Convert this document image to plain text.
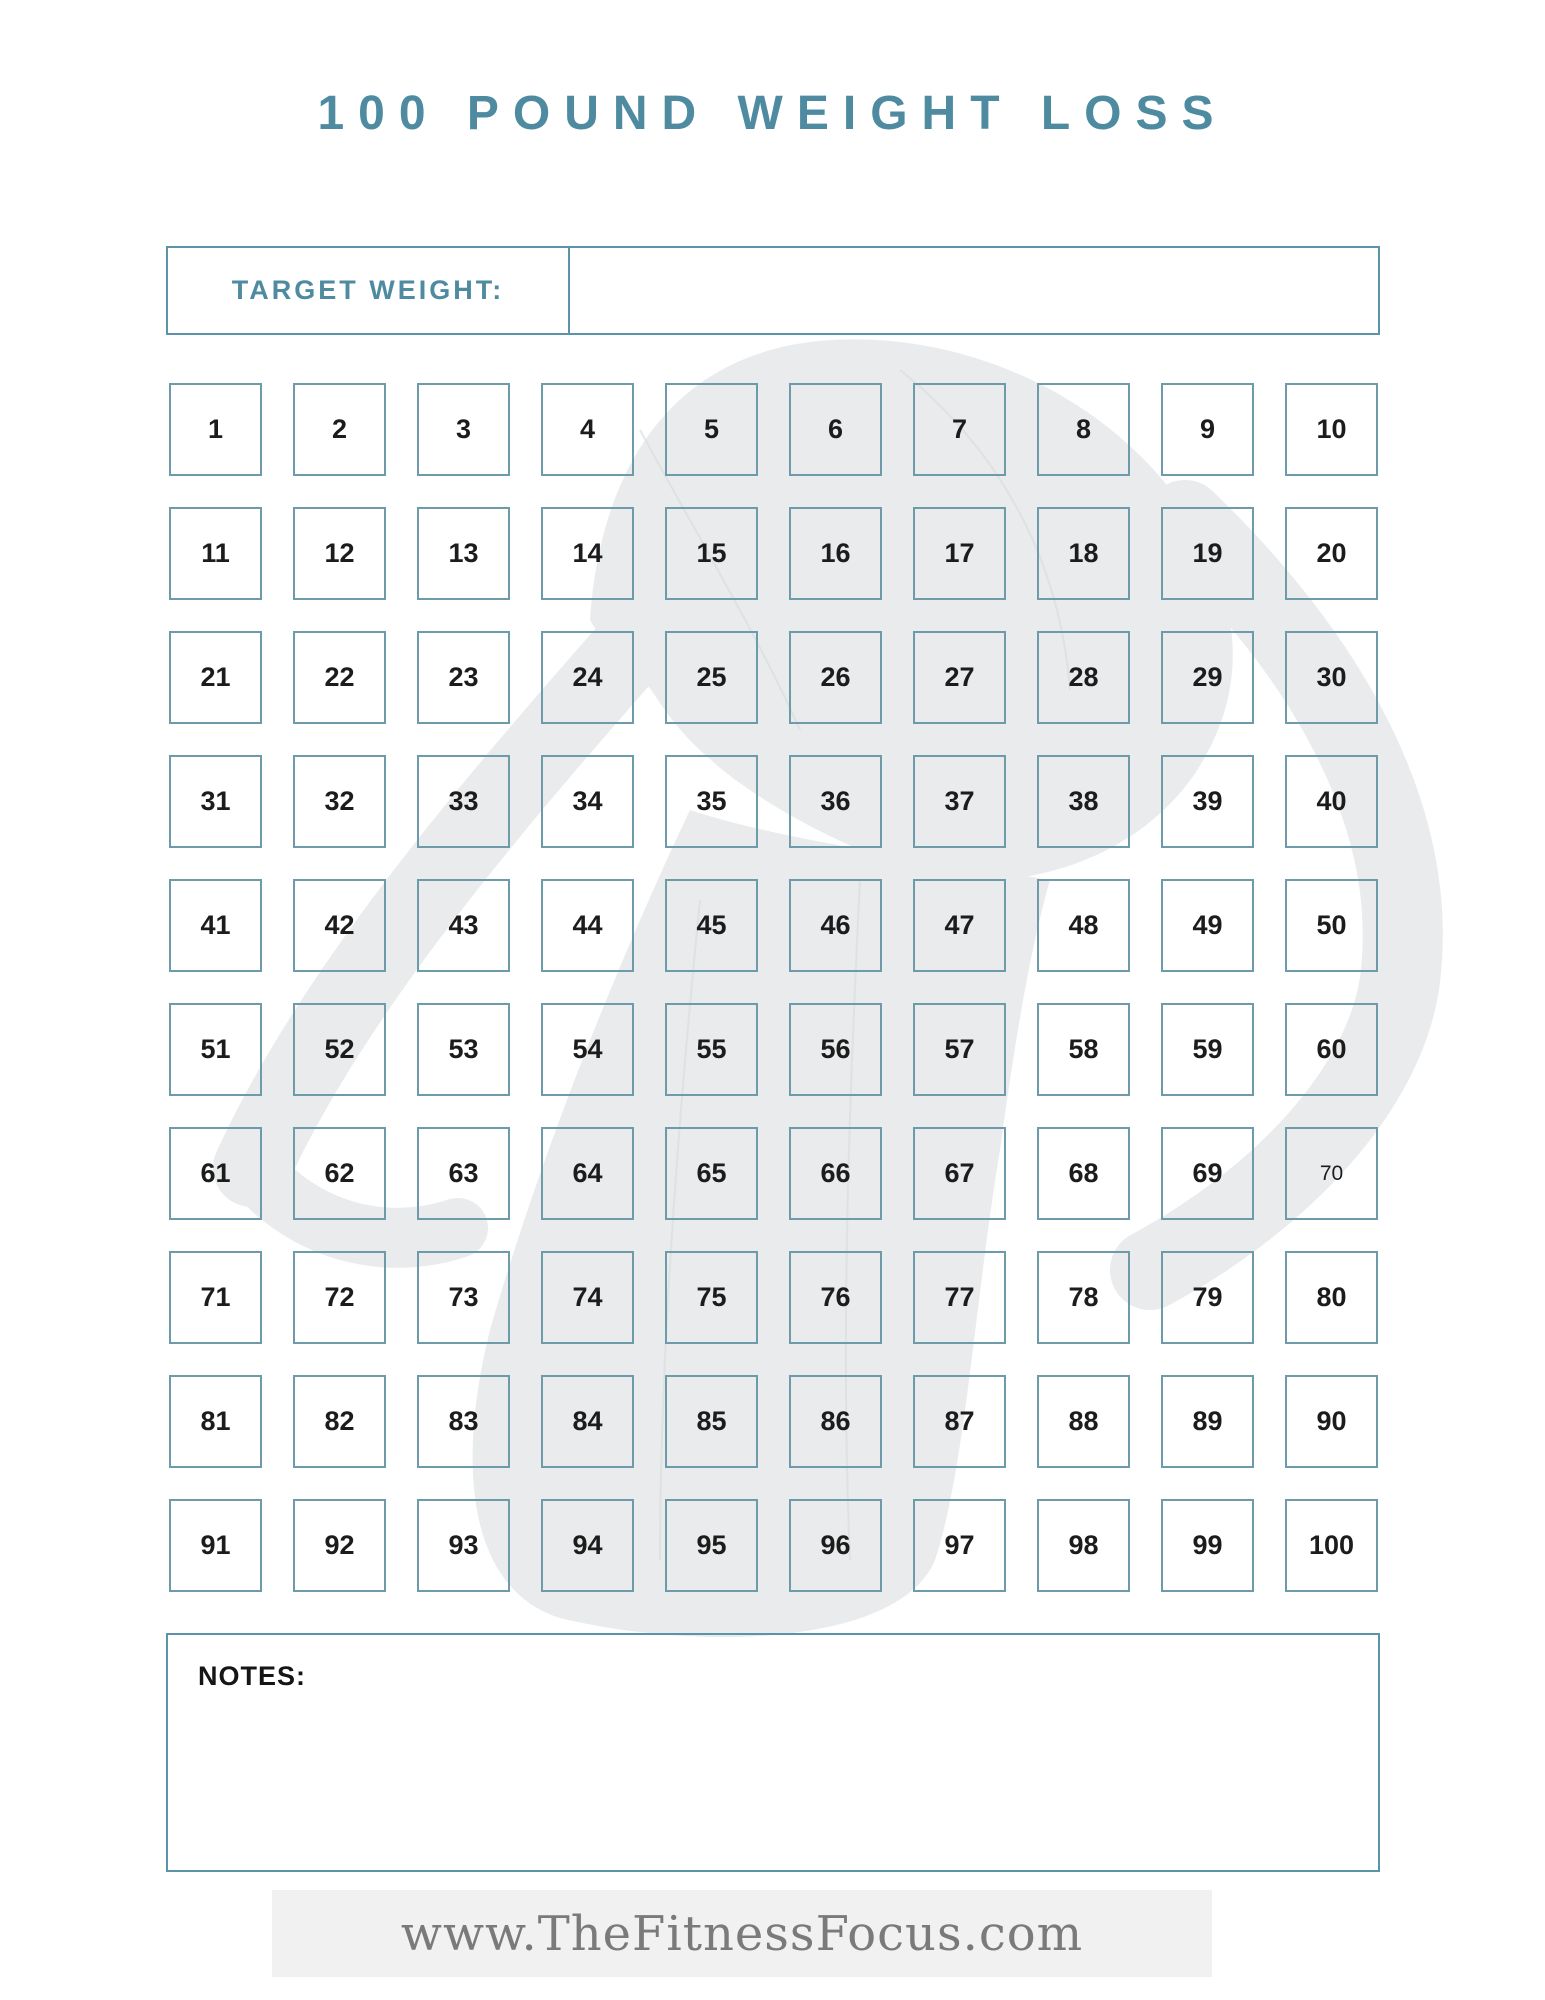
100 POUND WEIGHT LOSS
TARGET WEIGHT:
1	2	3	4	5	6	7	8	9	10
11	12	13	14	15	16	17	18	19	20
21	22	23	24	25	26	27	28	29	30
31	32	33	34	35	36	37	38	39	40
41	42	43	44	45	46	47	48	49	50
51	52	53	54	55	56	57	58	59	60
61	62	63	64	65	66	67	68	69	70
71	72	73	74	75	76	77	78	79	80
81	82	83	84	85	86	87	88	89	90
91	92	93	94	95	96	97	98	99	100
NOTES:
www.TheFitnessFocus.com
